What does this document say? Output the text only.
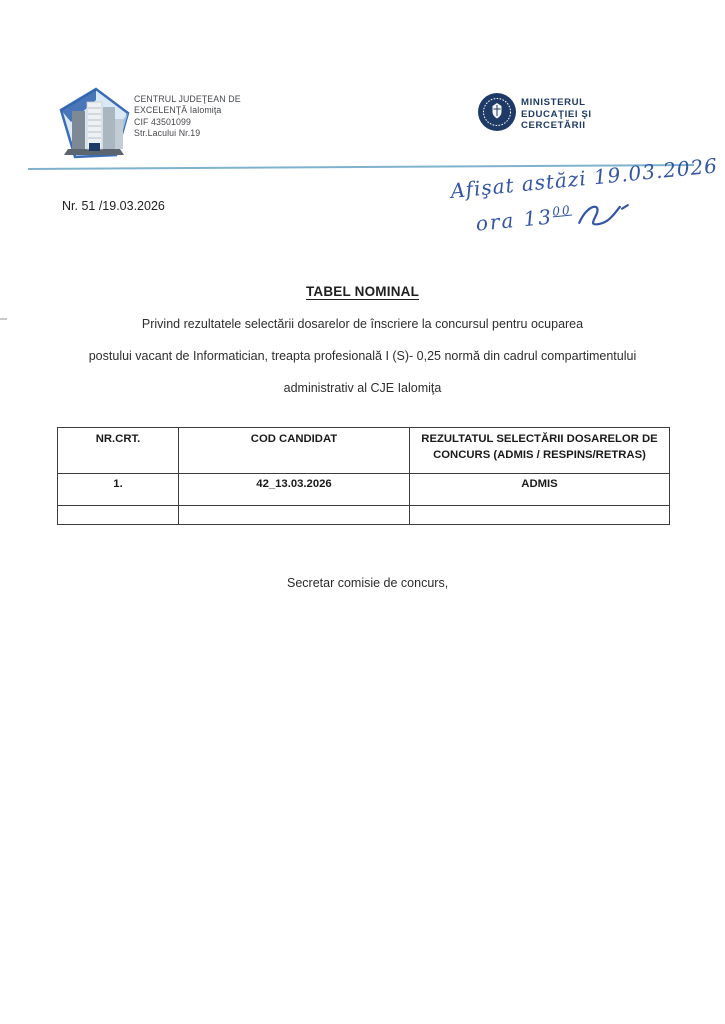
CENTRUL JUDEŢEAN DE
EXCELENŢĂ Ialomiţa
CIF 43501099
Str.Lacului Nr.19
MINISTERUL
EDUCAŢIEI ŞI
CERCETĂRII
Nr. 51 /19.03.2026
Afişat astăzi 19.03.2026
ora $13^{00}$
TABEL NOMINAL
Privind rezultatele selectării dosarelor de înscriere la concursul pentru ocuparea
postului vacant de Informatician, treapta profesională I (S)- 0,25 normă din cadrul compartimentului
administrativ al CJE Ialomiţa
NR.CRT.	COD CANDIDAT	REZULTATUL SELECTĂRII DOSARELOR DE CONCURS (ADMIS / RESPINS/RETRAS)
1.	42_13.03.2026	ADMIS

Secretar comisie de concurs,
